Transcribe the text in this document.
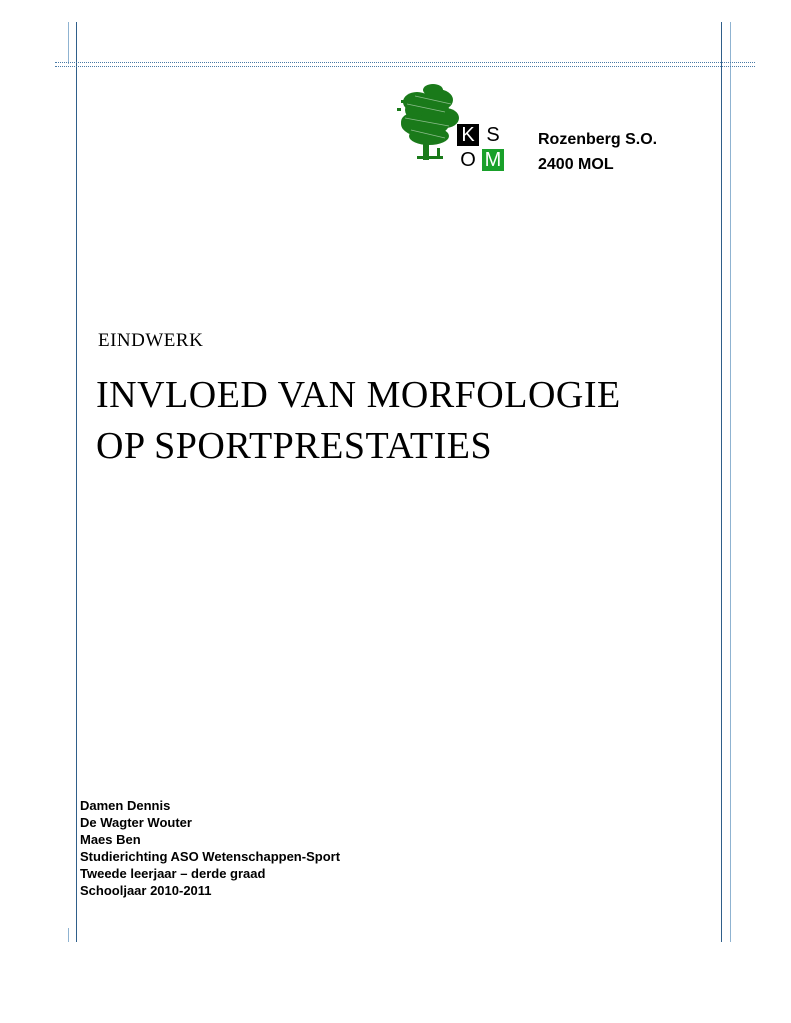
K S
O M
Rozenberg S.O.
2400 MOL
EINDWERK
INVLOED VAN MORFOLOGIE
OP SPORTPRESTATIES
Damen Dennis
De Wagter Wouter
Maes Ben
Studierichting ASO Wetenschappen-Sport
Tweede leerjaar – derde graad
Schooljaar 2010-2011
